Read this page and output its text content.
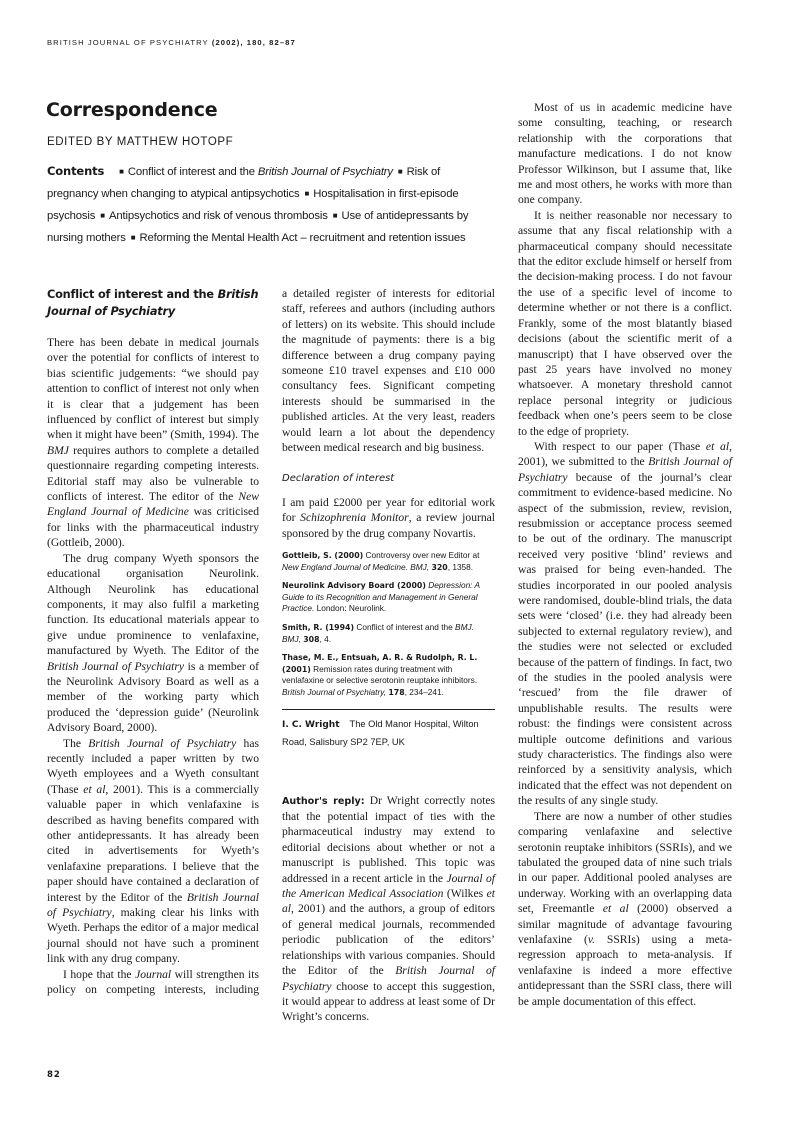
BRITISH JOURNAL OF PSYCHIATRY (2002), 180, 82–87
Correspondence
EDITED BY MATTHEW HOTOPF
Contents ■ Conflict of interest and the British Journal of Psychiatry ■ Risk of pregnancy when changing to atypical antipsychotics ■ Hospitalisation in first-episode psychosis ■ Antipsychotics and risk of venous thrombosis ■ Use of antidepressants by nursing mothers ■ Reforming the Mental Health Act – recruitment and retention issues

Conflict of interest and the British Journal of Psychiatry

There has been debate in medical journals over the potential for conflicts of interest to bias scientific judgements: “we should pay attention to conflict of interest not only when it is clear that a judgement has been influenced by conflict of interest but simply when it might have been” (Smith, 1994). The BMJ requires authors to complete a detailed questionnaire regarding competing interests. Editorial staff may also be vulnerable to conflicts of interest. The editor of the New England Journal of Medicine was criticised for links with the pharmaceutical industry (Gottleib, 2000).

The drug company Wyeth sponsors the educational organisation Neurolink. Although Neurolink has educational components, it may also fulfil a marketing function. Its educational materials appear to give undue prominence to venlafaxine, manufactured by Wyeth. The Editor of the British Journal of Psychiatry is a member of the Neurolink Advisory Board as well as a member of the working party which produced the ‘depression guide’ (Neurolink Advisory Board, 2000).

The British Journal of Psychiatry has recently included a paper written by two Wyeth employees and a Wyeth consultant (Thase et al, 2001). This is a commercially valuable paper in which venlafaxine is described as having benefits compared with other antidepressants. It has already been cited in advertisements for Wyeth’s venlafaxine preparations. I believe that the paper should have contained a declaration of interest by the Editor of the British Journal of Psychiatry, making clear his links with Wyeth. Perhaps the editor of a major medical journal should not have such a prominent link with any drug company.

I hope that the Journal will strengthen its policy on competing interests, including

a detailed register of interests for editorial staff, referees and authors (including authors of letters) on its website. This should include the magnitude of payments: there is a big difference between a drug company paying someone £10 travel expenses and £10 000 consultancy fees. Significant competing interests should be summarised in the published articles. At the very least, readers would learn a lot about the dependency between medical research and big business.

Declaration of interest

I am paid £2000 per year for editorial work for Schizophrenia Monitor, a review journal sponsored by the drug company Novartis.

Gottleib, S. (2000) Controversy over new Editor at New England Journal of Medicine. BMJ, 320, 1358.
Neurolink Advisory Board (2000) Depression: A Guide to its Recognition and Management in General Practice. London: Neurolink.
Smith, R. (1994) Conflict of interest and the BMJ. BMJ, 308, 4.
Thase, M. E., Entsuah, A. R. & Rudolph, R. L. (2001) Remission rates during treatment with venlafaxine or selective serotonin reuptake inhibitors. British Journal of Psychiatry, 178, 234–241.
I. C. Wright The Old Manor Hospital, Wilton Road, Salisbury SP2 7EP, UK

Author's reply: Dr Wright correctly notes that the potential impact of ties with the pharmaceutical industry may extend to editorial decisions about whether or not a manuscript is published. This topic was addressed in a recent article in the Journal of the American Medical Association (Wilkes et al, 2001) and the authors, a group of editors of general medical journals, recommended periodic publication of the editors’ relationships with various companies. Should the Editor of the British Journal of Psychiatry choose to accept this suggestion, it would appear to address at least some of Dr Wright’s concerns.

Most of us in academic medicine have some consulting, teaching, or research relationship with the corporations that manufacture medications. I do not know Professor Wilkinson, but I assume that, like me and most others, he works with more than one company.

It is neither reasonable nor necessary to assume that any fiscal relationship with a pharmaceutical company should necessitate that the editor exclude himself or herself from the decision-making process. I do not favour the use of a specific level of income to determine whether or not there is a conflict. Frankly, some of the most blatantly biased decisions (about the scientific merit of a manuscript) that I have observed over the past 25 years have involved no money whatsoever. A monetary threshold cannot replace personal integrity or judicious feedback when one’s peers seem to be close to the edge of propriety.

With respect to our paper (Thase et al, 2001), we submitted to the British Journal of Psychiatry because of the journal’s clear commitment to evidence-based medicine. No aspect of the submission, review, revision, resubmission or acceptance process seemed to be out of the ordinary. The manuscript received very positive ‘blind’ reviews and was praised for being even-handed. The studies incorporated in our pooled analysis were randomised, double-blind trials, the data sets were ‘closed’ (i.e. they had already been subjected to external regulatory review), and the studies were not selected or excluded because of the pattern of findings. In fact, two of the studies in the pooled analysis were ‘rescued’ from the file drawer of unpublishable results. The results were robust: the findings were consistent across multiple outcome definitions and various study characteristics. The findings also were reinforced by a sensitivity analysis, which indicated that the effect was not dependent on the results of any single study.

There are now a number of other studies comparing venlafaxine and selective serotonin reuptake inhibitors (SSRIs), and we tabulated the grouped data of nine such trials in our paper. Additional pooled analyses are underway. Working with an overlapping data set, Freemantle et al (2000) observed a similar magnitude of advantage favouring venlafaxine (v. SSRIs) using a meta-regression approach to meta-analysis. If venlafaxine is indeed a more effective antidepressant than the SSRI class, there will be ample documentation of this effect.

82
